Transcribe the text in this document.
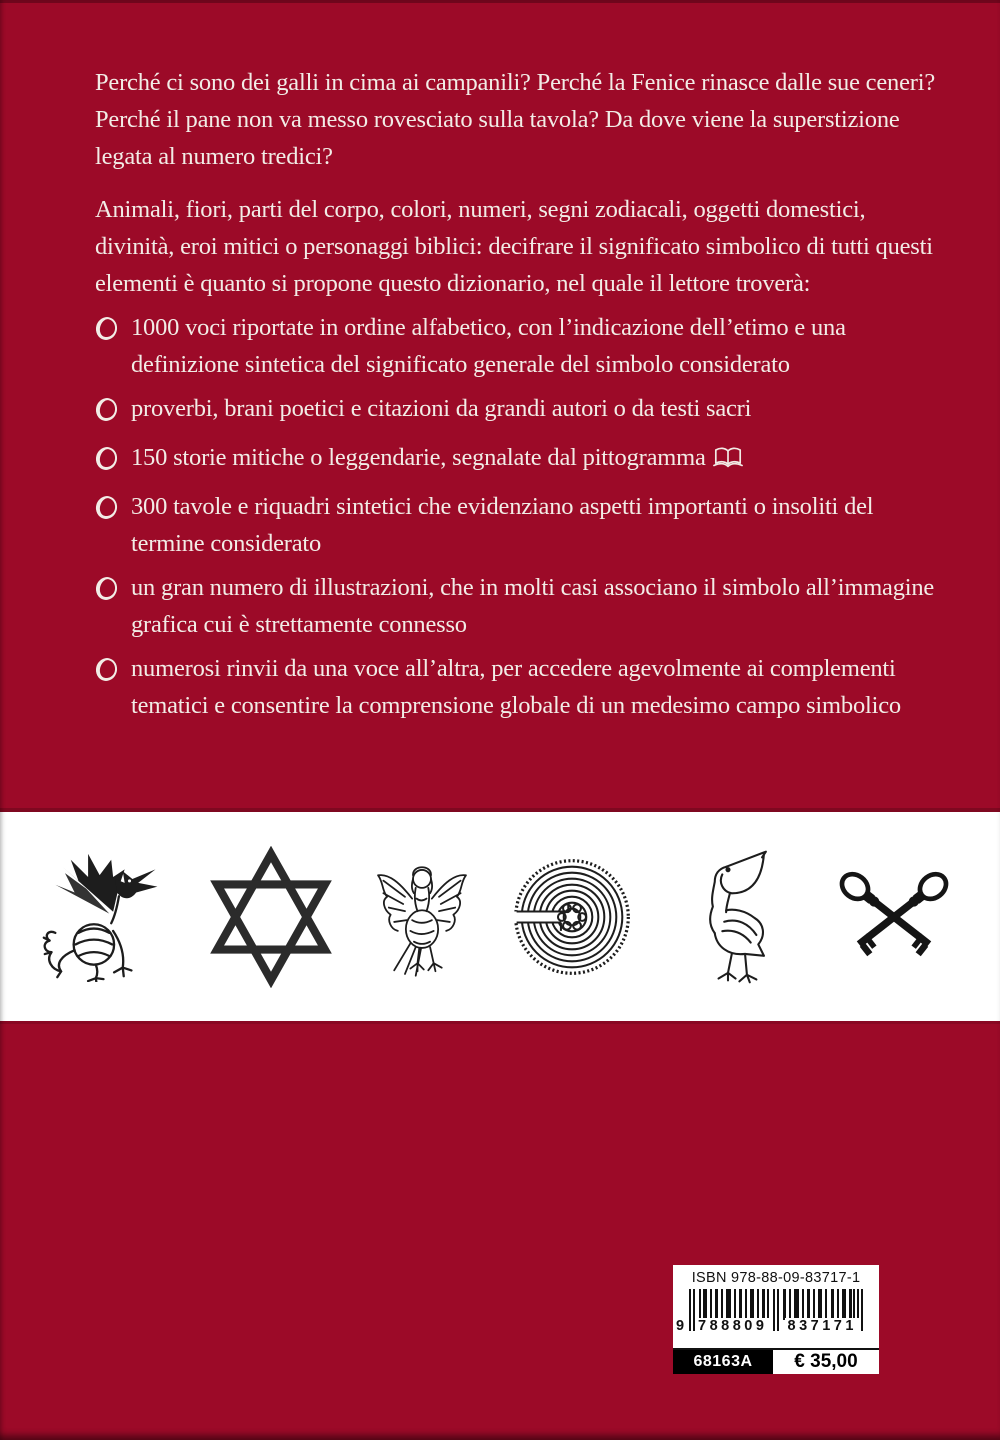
Perché ci sono dei galli in cima ai campanili? Perché la Fenice rinasce dalle sue ceneri? Perché il pane non va messo rovesciato sulla tavola? Da dove viene la superstizione legata al numero tredici?

Animali, fiori, parti del corpo, colori, numeri, segni zodiacali, oggetti domestici, divinità, eroi mitici o personaggi biblici: decifrare il significato simbolico di tutti questi elementi è quanto si propone questo dizionario, nel quale il lettore troverà:

1000 voci riportate in ordine alfabetico, con l’indicazione dell’etimo e una definizione sintetica del significato generale del simbolo considerato
proverbi, brani poetici e citazioni da grandi autori o da testi sacri
150 storie mitiche o leggendarie, segnalate dal pittogramma
300 tavole e riquadri sintetici che evidenziano aspetti importanti o insoliti del termine considerato
un gran numero di illustrazioni, che in molti casi associano il simbolo all’immagine grafica cui è strettamente connesso
numerosi rinvii da una voce all’altra, per accedere agevolmente ai complementi tematici e consentire la comprensione globale di un medesimo campo simbolico
ISBN 978-88-09-83717-1
9 788809 837171
68163A	€ 35,00
